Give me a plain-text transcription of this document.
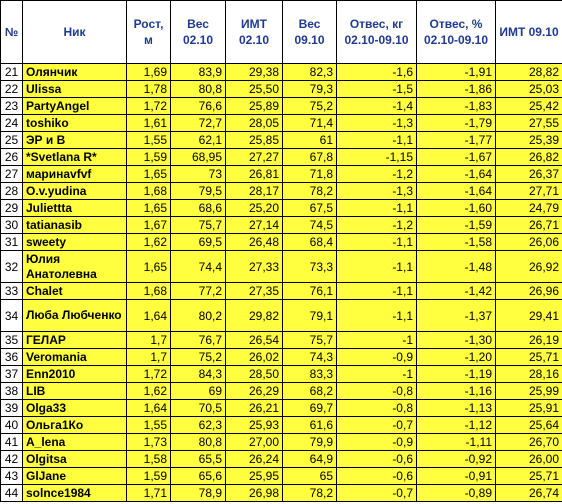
№	Ник	Рост, м	Вес 02.10	ИМТ 02.10	Вес 09.10	Отвес, кг 02.10-09.10	Отвес, % 02.10-09.10	ИМТ 09.10
21	Олянчик	1,69	83,9	29,38	82,3	-1,6	-1,91	28,82
22	Ulissa	1,78	80,8	25,50	79,3	-1,5	-1,86	25,03
23	PartyAngel	1,72	76,6	25,89	75,2	-1,4	-1,83	25,42
24	toshiko	1,61	72,7	28,05	71,4	-1,3	-1,79	27,55
25	ЭР и В	1,55	62,1	25,85	61	-1,1	-1,77	25,39
26	*Svetlana R*	1,59	68,95	27,27	67,8	-1,15	-1,67	26,82
27	маринаvfvf	1,65	73	26,81	71,8	-1,2	-1,64	26,37
28	O.v.yudina	1,68	79,5	28,17	78,2	-1,3	-1,64	27,71
29	Juliettta	1,65	68,6	25,20	67,5	-1,1	-1,60	24,79
30	tatianasib	1,67	75,7	27,14	74,5	-1,2	-1,59	26,71
31	sweety	1,62	69,5	26,48	68,4	-1,1	-1,58	26,06
32	Юлия Анатолевна	1,65	74,4	27,33	73,3	-1,1	-1,48	26,92
33	Chalet	1,68	77,2	27,35	76,1	-1,1	-1,42	26,96
34	Люба Любченко	1,64	80,2	29,82	79,1	-1,1	-1,37	29,41
35	ГЕЛАР	1,7	76,7	26,54	75,7	-1	-1,30	26,19
36	Veromania	1,7	75,2	26,02	74,3	-0,9	-1,20	25,71
37	Enn2010	1,72	84,3	28,50	83,3	-1	-1,19	28,16
38	LIB	1,62	69	26,29	68,2	-0,8	-1,16	25,99
39	Olga33	1,64	70,5	26,21	69,7	-0,8	-1,13	25,91
40	Ольга1Ко	1,55	62,3	25,93	61,6	-0,7	-1,12	25,64
41	A_lena	1,73	80,8	27,00	79,9	-0,9	-1,11	26,70
42	Olgitsa	1,58	65,5	26,24	64,9	-0,6	-0,92	26,00
43	GlJane	1,59	65,6	25,95	65	-0,6	-0,91	25,71
44	solnce1984	1,71	78,9	26,98	78,2	-0,7	-0,89	26,74
